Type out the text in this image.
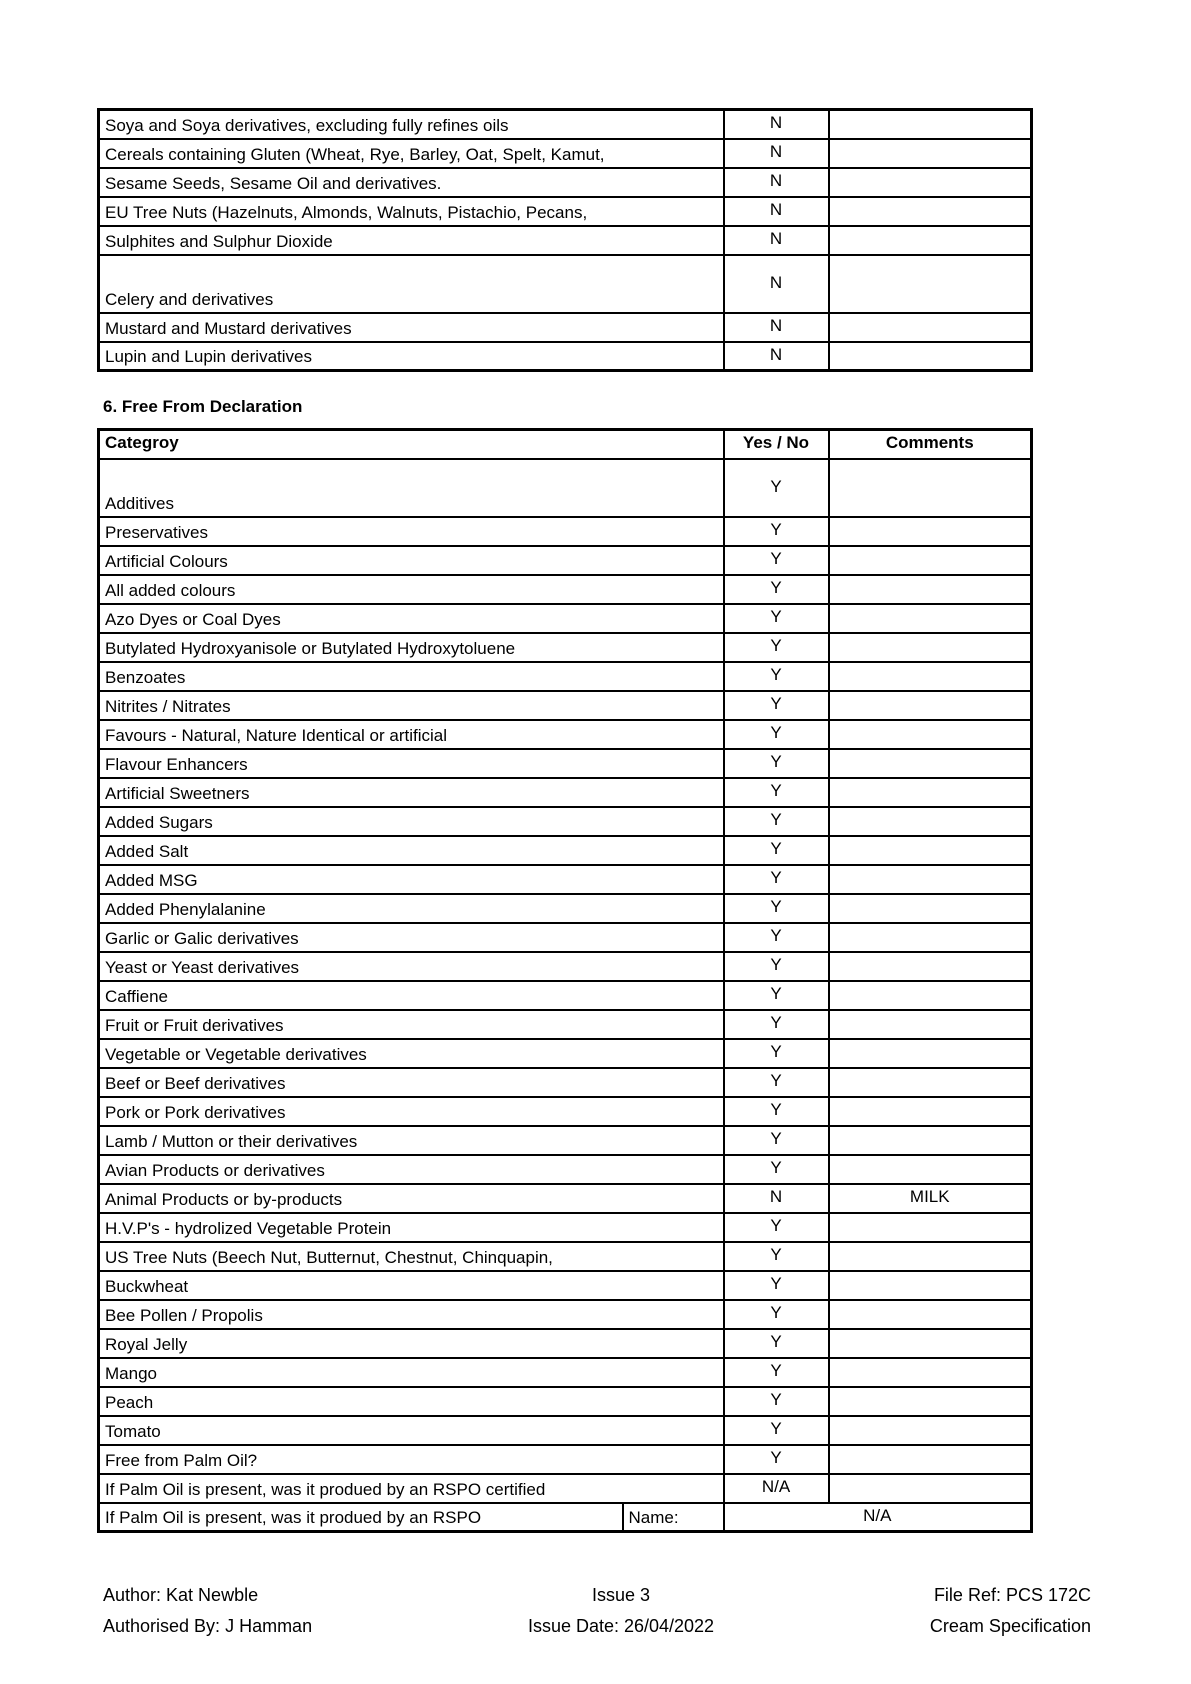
Soya and Soya derivatives, excluding fully refines oils	N	
Cereals containing Gluten (Wheat, Rye, Barley, Oat, Spelt, Kamut,	N	
Sesame Seeds, Sesame Oil and derivatives.	N	
EU Tree Nuts (Hazelnuts, Almonds, Walnuts, Pistachio, Pecans,	N	
Sulphites and Sulphur Dioxide	N	
Celery and derivatives	N	
Mustard and Mustard derivatives	N	
Lupin and Lupin derivatives	N	
6. Free From Declaration
Categroy		Yes / No	Comments
Additives		Y	
Preservatives		Y	
Artificial Colours		Y	
All added colours		Y	
Azo Dyes or Coal Dyes		Y	
Butylated Hydroxyanisole or Butylated Hydroxytoluene		Y	
Benzoates		Y	
Nitrites / Nitrates		Y	
Favours - Natural, Nature Identical or artificial		Y	
Flavour Enhancers		Y	
Artificial Sweetners		Y	
Added Sugars		Y	
Added Salt		Y	
Added MSG		Y	
Added Phenylalanine		Y	
Garlic or Galic derivatives		Y	
Yeast or Yeast derivatives		Y	
Caffiene		Y	
Fruit or Fruit derivatives		Y	
Vegetable or Vegetable derivatives		Y	
Beef or Beef derivatives		Y	
Pork or Pork derivatives		Y	
Lamb / Mutton or their derivatives		Y	
Avian Products or derivatives		Y	
Animal Products or by-products		N	MILK
H.V.P's - hydrolized Vegetable Protein		Y	
US Tree Nuts (Beech Nut, Butternut, Chestnut, Chinquapin,		Y	
Buckwheat		Y	
Bee Pollen / Propolis		Y	
Royal Jelly		Y	
Mango		Y	
Peach		Y	
Tomato		Y	
Free from Palm Oil?		Y	
If Palm Oil is present, was it produed by an RSPO certified		N/A	
If Palm Oil is present, was it produed by an RSPO	Name:	N/A	
Author: Kat Newble
Authorised By: J Hamman
Issue 3
Issue Date: 26/04/2022
File Ref: PCS 172C
Cream Specification
